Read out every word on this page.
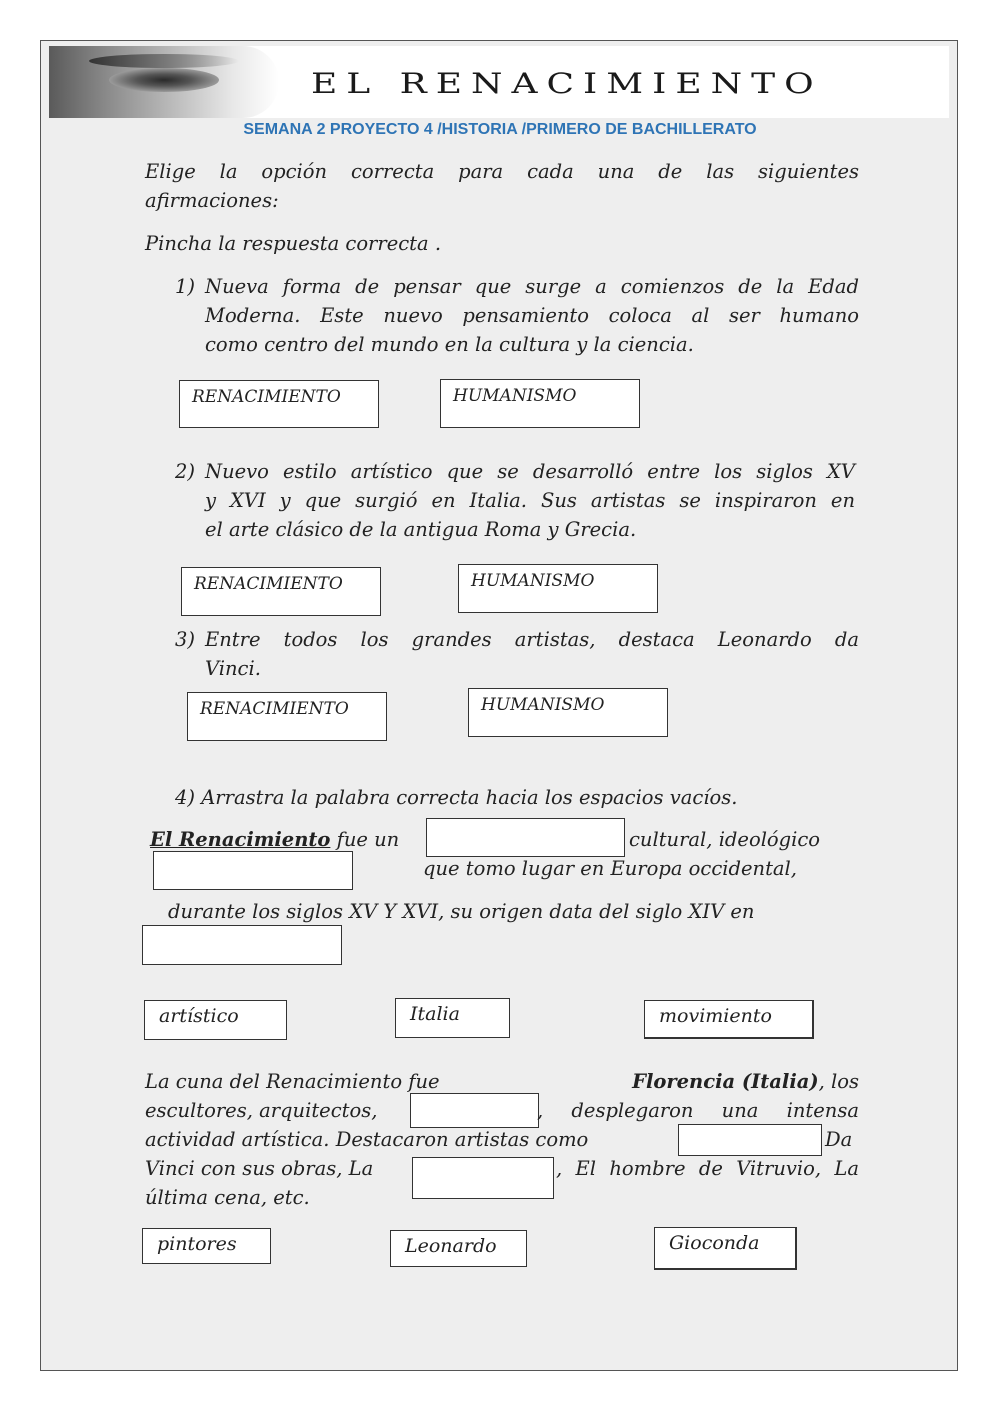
EL RENACIMIENTO
SEMANA 2 PROYECTO 4 /HISTORIA /PRIMERO DE BACHILLERATO

Elige la opción correcta para cada una de las siguientes

afirmaciones:

Pincha la respuesta correcta .

1) Nueva forma de pensar que surge a comienzos de la Edad

Moderna. Este nuevo pensamiento coloca al ser humano

como centro del mundo en la cultura y la ciencia.

RENACIMIENTO	HUMANISMO

2) Nuevo estilo artístico que se desarrolló entre los siglos XV

y XVI y que surgió en Italia. Sus artistas se inspiraron en

el arte clásico de la antigua Roma y Grecia.

RENACIMIENTO	HUMANISMO

3) Entre todos los grandes artistas, destaca Leonardo da

Vinci.

RENACIMIENTO	HUMANISMO

4) Arrastra la palabra correcta hacia los espacios vacíos.

El Renacimiento fue un	cultural, ideológico

que tomo lugar en Europa occidental,

durante los siglos XV Y XVI, su origen data del siglo XIV en

artístico	Italia	movimiento

La cuna del Renacimiento fue	Florencia (Italia), los

escultores, arquitectos,	, desplegaron una intensa

actividad artística. Destacaron artistas como	Da

Vinci con sus obras, La	, El hombre de Vitruvio, La

última cena, etc.

pintores	Leonardo	Gioconda
